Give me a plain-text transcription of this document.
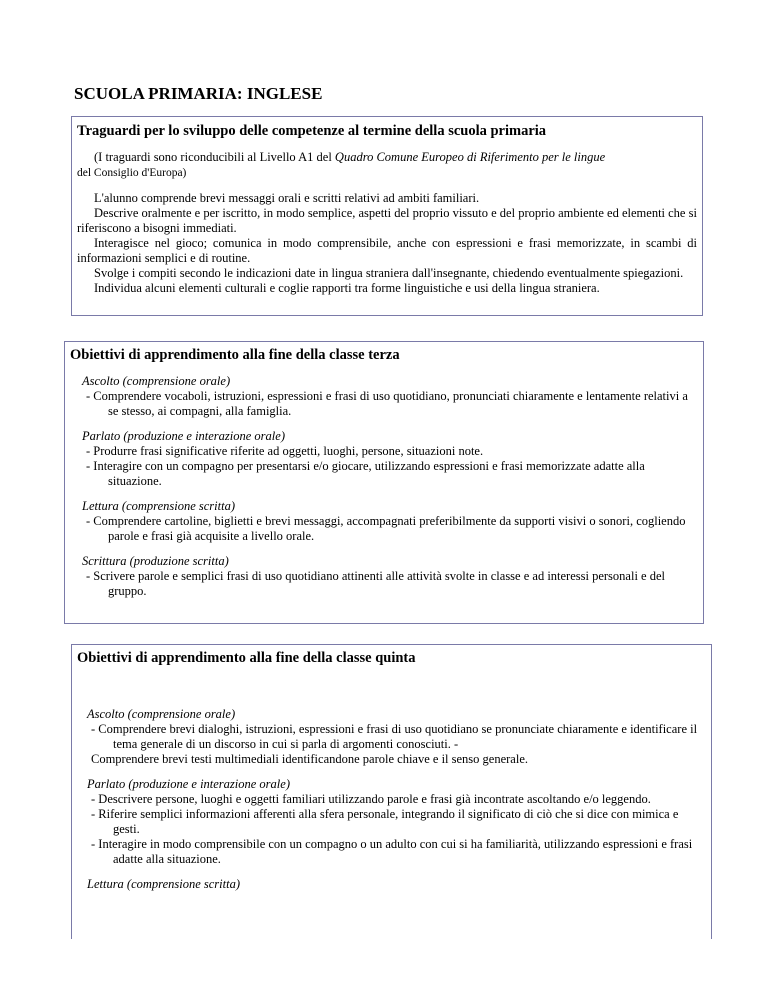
SCUOLA PRIMARIA: INGLESE
Traguardi per lo sviluppo delle competenze al termine della scuola primaria

(I traguardi sono riconducibili al Livello A1 del Quadro Comune Europeo di Riferimento per le lingue
del Consiglio d'Europa)

L'alunno comprende brevi messaggi orali e scritti relativi ad ambiti familiari.

Descrive oralmente e per iscritto, in modo semplice, aspetti del proprio vissuto e del proprio ambiente ed elementi che si riferiscono a bisogni immediati.

Interagisce nel gioco; comunica in modo comprensibile, anche con espressioni e frasi memorizzate, in scambi di informazioni semplici e di routine.

Svolge i compiti secondo le indicazioni date in lingua straniera dall'insegnante, chiedendo eventualmente spiegazioni.

Individua alcuni elementi culturali e coglie rapporti tra forme linguistiche e usi della lingua straniera.

Obiettivi di apprendimento alla fine della classe terza
Ascolto (comprensione orale)
- Comprendere vocaboli, istruzioni, espressioni e frasi di uso quotidiano, pronunciati chiaramente e lentamente relativi a se stesso, ai compagni, alla famiglia.
Parlato (produzione e interazione orale)
- Produrre frasi significative riferite ad oggetti, luoghi, persone, situazioni note.
- Interagire con un compagno per presentarsi e/o giocare, utilizzando espressioni e frasi memorizzate adatte alla situazione.
Lettura (comprensione scritta)
- Comprendere cartoline, biglietti e brevi messaggi, accompagnati preferibilmente da supporti visivi o sonori, cogliendo parole e frasi già acquisite a livello orale.
Scrittura (produzione scritta)
- Scrivere parole e semplici frasi di uso quotidiano attinenti alle attività svolte in classe e ad interessi personali e del gruppo.
Obiettivi di apprendimento alla fine della classe quinta
Ascolto (comprensione orale)
- Comprendere brevi dialoghi, istruzioni, espressioni e frasi di uso quotidiano se pronunciate chiaramente e identificare il tema generale di un discorso in cui si parla di argomenti conosciuti. -
Comprendere brevi testi multimediali identificandone parole chiave e il senso generale.
Parlato (produzione e interazione orale)
- Descrivere persone, luoghi e oggetti familiari utilizzando parole e frasi già incontrate ascoltando e/o leggendo.
- Riferire semplici informazioni afferenti alla sfera personale, integrando il significato di ciò che si dice con mimica e gesti.
- Interagire in modo comprensibile con un compagno o un adulto con cui si ha familiarità, utilizzando espressioni e frasi adatte alla situazione.
Lettura (comprensione scritta)
